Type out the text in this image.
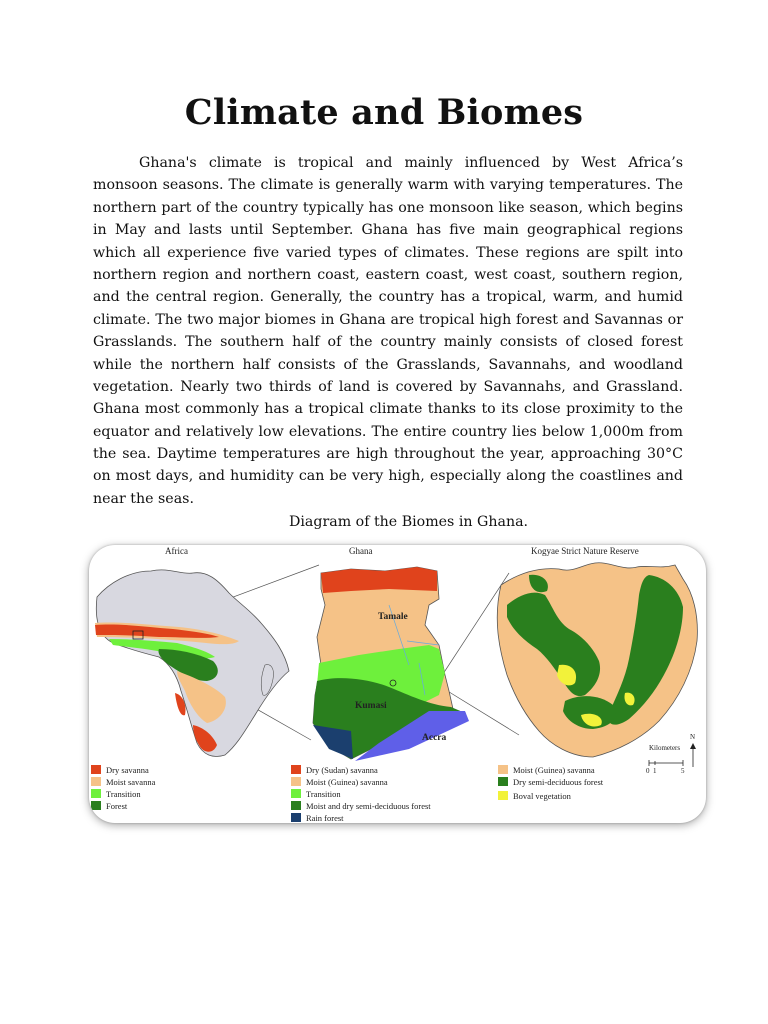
Climate and Biomes
Ghana's climate is tropical and mainly influenced by West Africa’s
monsoon seasons. The climate is generally warm with varying temperatures. The
northern part of the country typically has one monsoon like season, which begins
in May and lasts until September. Ghana has five main geographical regions
which all experience five varied types of climates. These regions are spilt into
northern region and northern coast, eastern coast, west coast, southern region,
and the central region. Generally, the country has a tropical, warm, and humid
climate. The two major biomes in Ghana are tropical high forest and Savannas or
Grasslands. The southern half of the country mainly consists of closed forest
while the northern half consists of the Grasslands, Savannahs, and woodland
vegetation. Nearly two thirds of land is covered by Savannahs, and Grassland.
Ghana most commonly has a tropical climate thanks to its close proximity to the
equator and relatively low elevations. The entire country lies below 1,000m from
the sea. Daytime temperatures are high throughout the year, approaching 30°C
on most days, and humidity can be very high, especially along the coastlines and
near the seas.
Diagram of the Biomes in Ghana.
Africa	Ghana	Kogyae Strict Nature Reserve
Tamale
Kumasi
Accra
Kilometers
0 1	5
N
Dry savanna
Moist savanna
Transition
Forest
Dry (Sudan) savanna
Moist (Guinea) savanna
Transition
Moist and dry semi-deciduous forest
Rain forest
Moist (Guinea) savanna
Dry semi-deciduous forest
Boval vegetation
